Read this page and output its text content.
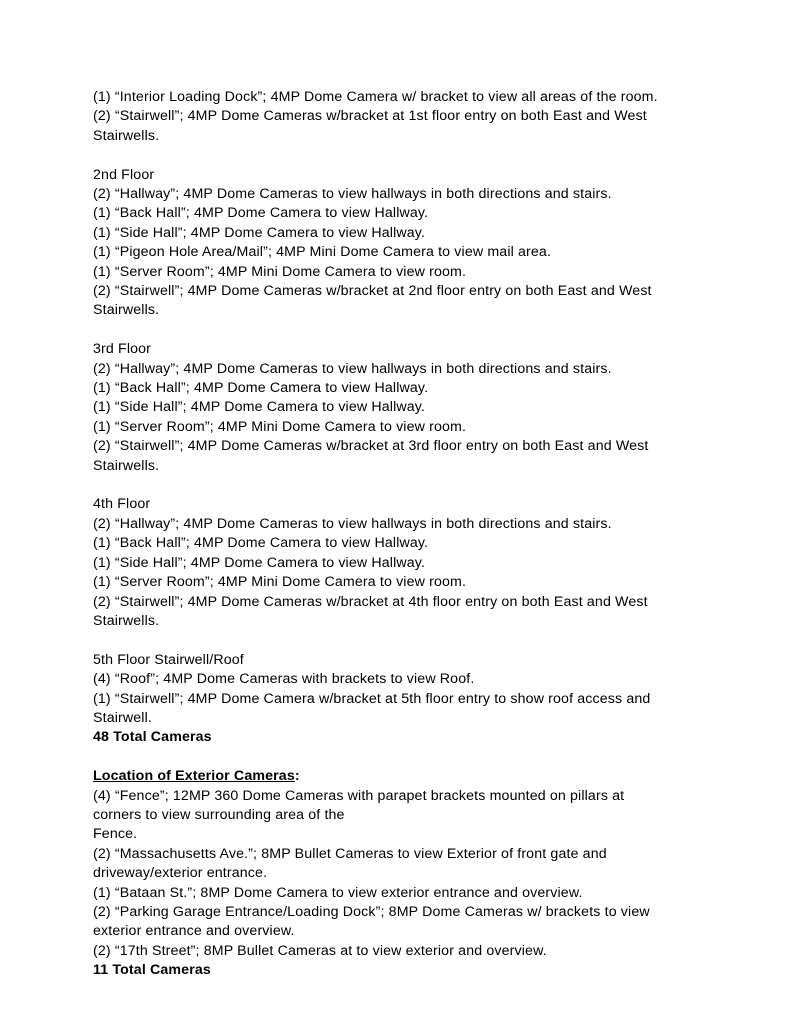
(1) “Interior Loading Dock”; 4MP Dome Camera w/ bracket to view all areas of the room.
(2) “Stairwell”; 4MP Dome Cameras w/bracket at 1st floor entry on both East and West
Stairwells.
2nd Floor
(2) “Hallway”; 4MP Dome Cameras to view hallways in both directions and stairs.
(1) “Back Hall”; 4MP Dome Camera to view Hallway.
(1) “Side Hall”; 4MP Dome Camera to view Hallway.
(1) “Pigeon Hole Area/Mail”; 4MP Mini Dome Camera to view mail area.
(1) “Server Room”; 4MP Mini Dome Camera to view room.
(2) “Stairwell”; 4MP Dome Cameras w/bracket at 2nd floor entry on both East and West
Stairwells.
3rd Floor
(2) “Hallway”; 4MP Dome Cameras to view hallways in both directions and stairs.
(1) “Back Hall”; 4MP Dome Camera to view Hallway.
(1) “Side Hall”; 4MP Dome Camera to view Hallway.
(1) “Server Room”; 4MP Mini Dome Camera to view room.
(2) “Stairwell”; 4MP Dome Cameras w/bracket at 3rd floor entry on both East and West
Stairwells.
4th Floor
(2) “Hallway”; 4MP Dome Cameras to view hallways in both directions and stairs.
(1) “Back Hall”; 4MP Dome Camera to view Hallway.
(1) “Side Hall”; 4MP Dome Camera to view Hallway.
(1) “Server Room”; 4MP Mini Dome Camera to view room.
(2) “Stairwell”; 4MP Dome Cameras w/bracket at 4th floor entry on both East and West
Stairwells.
5th Floor Stairwell/Roof
(4) “Roof”; 4MP Dome Cameras with brackets to view Roof.
(1) “Stairwell”; 4MP Dome Camera w/bracket at 5th floor entry to show roof access and
Stairwell.
48 Total Cameras
Location of Exterior Cameras:
(4) “Fence”; 12MP 360 Dome Cameras with parapet brackets mounted on pillars at
corners to view surrounding area of the
Fence.
(2) “Massachusetts Ave.”; 8MP Bullet Cameras to view Exterior of front gate and
driveway/exterior entrance.
(1) “Bataan St.”; 8MP Dome Camera to view exterior entrance and overview.
(2) “Parking Garage Entrance/Loading Dock”; 8MP Dome Cameras w/ brackets to view
exterior entrance and overview.
(2) “17th Street”; 8MP Bullet Cameras at to view exterior and overview.
11 Total Cameras
